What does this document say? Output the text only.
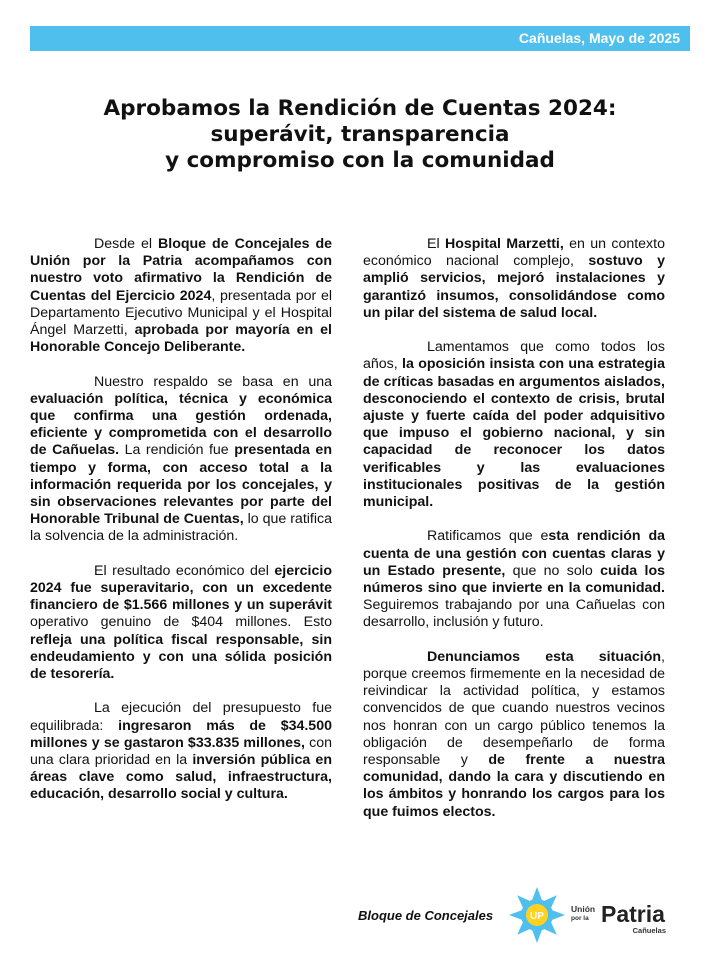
Cañuelas, Mayo de 2025
Aprobamos la Rendición de Cuentas 2024:
superávit, transparencia
y compromiso con la comunidad

Desde el Bloque de Concejales de Unión por la Patria acompañamos con nuestro voto afirmativo la Rendición de Cuentas del Ejercicio 2024, presentada por el Departamento Ejecutivo Municipal y el Hospital Ángel Marzetti, aprobada por mayoría en el Honorable Concejo Deliberante.

Nuestro respaldo se basa en una evaluación política, técnica y económica que confirma una gestión ordenada, eficiente y comprometida con el desarrollo de Cañuelas. La rendición fue presentada en tiempo y forma, con acceso total a la información requerida por los concejales, y sin observaciones relevantes por parte del Honorable Tribunal de Cuentas, lo que ratifica la solvencia de la administración.

El resultado económico del ejercicio 2024 fue superavitario, con un excedente financiero de $1.566 millones y un superávit operativo genuino de $404 millones. Esto refleja una política fiscal responsable, sin endeudamiento y con una sólida posición de tesorería.

La ejecución del presupuesto fue equilibrada: ingresaron más de $34.500 millones y se gastaron $33.835 millones, con una clara prioridad en la inversión pública en áreas clave como salud, infraestructura, educación, desarrollo social y cultura.

El Hospital Marzetti, en un contexto económico nacional complejo, sostuvo y amplió servicios, mejoró instalaciones y garantizó insumos, consolidándose como un pilar del sistema de salud local.

Lamentamos que como todos los años, la oposición insista con una estrategia de críticas basadas en argumentos aislados, desconociendo el contexto de crisis, brutal ajuste y fuerte caída del poder adquisitivo que impuso el gobierno nacional, y sin capacidad de reconocer los datos verificables y las evaluaciones institucionales positivas de la gestión municipal.

Ratificamos que esta rendición da cuenta de una gestión con cuentas claras y un Estado presente, que no solo cuida los números sino que invierte en la comunidad. Seguiremos trabajando por una Cañuelas con desarrollo, inclusión y futuro.

Denunciamos esta situación, porque creemos firmemente en la necesidad de reivindicar la actividad política, y estamos convencidos de que cuando nuestros vecinos nos honran con un cargo público tenemos la obligación de desempeñarlo de forma responsable y de frente a nuestra comunidad, dando la cara y discutiendo en los ámbitos y honrando los cargos para los que fuimos electos.

Bloque de Concejales	UP
Unión
por la Patria
Cañuelas
